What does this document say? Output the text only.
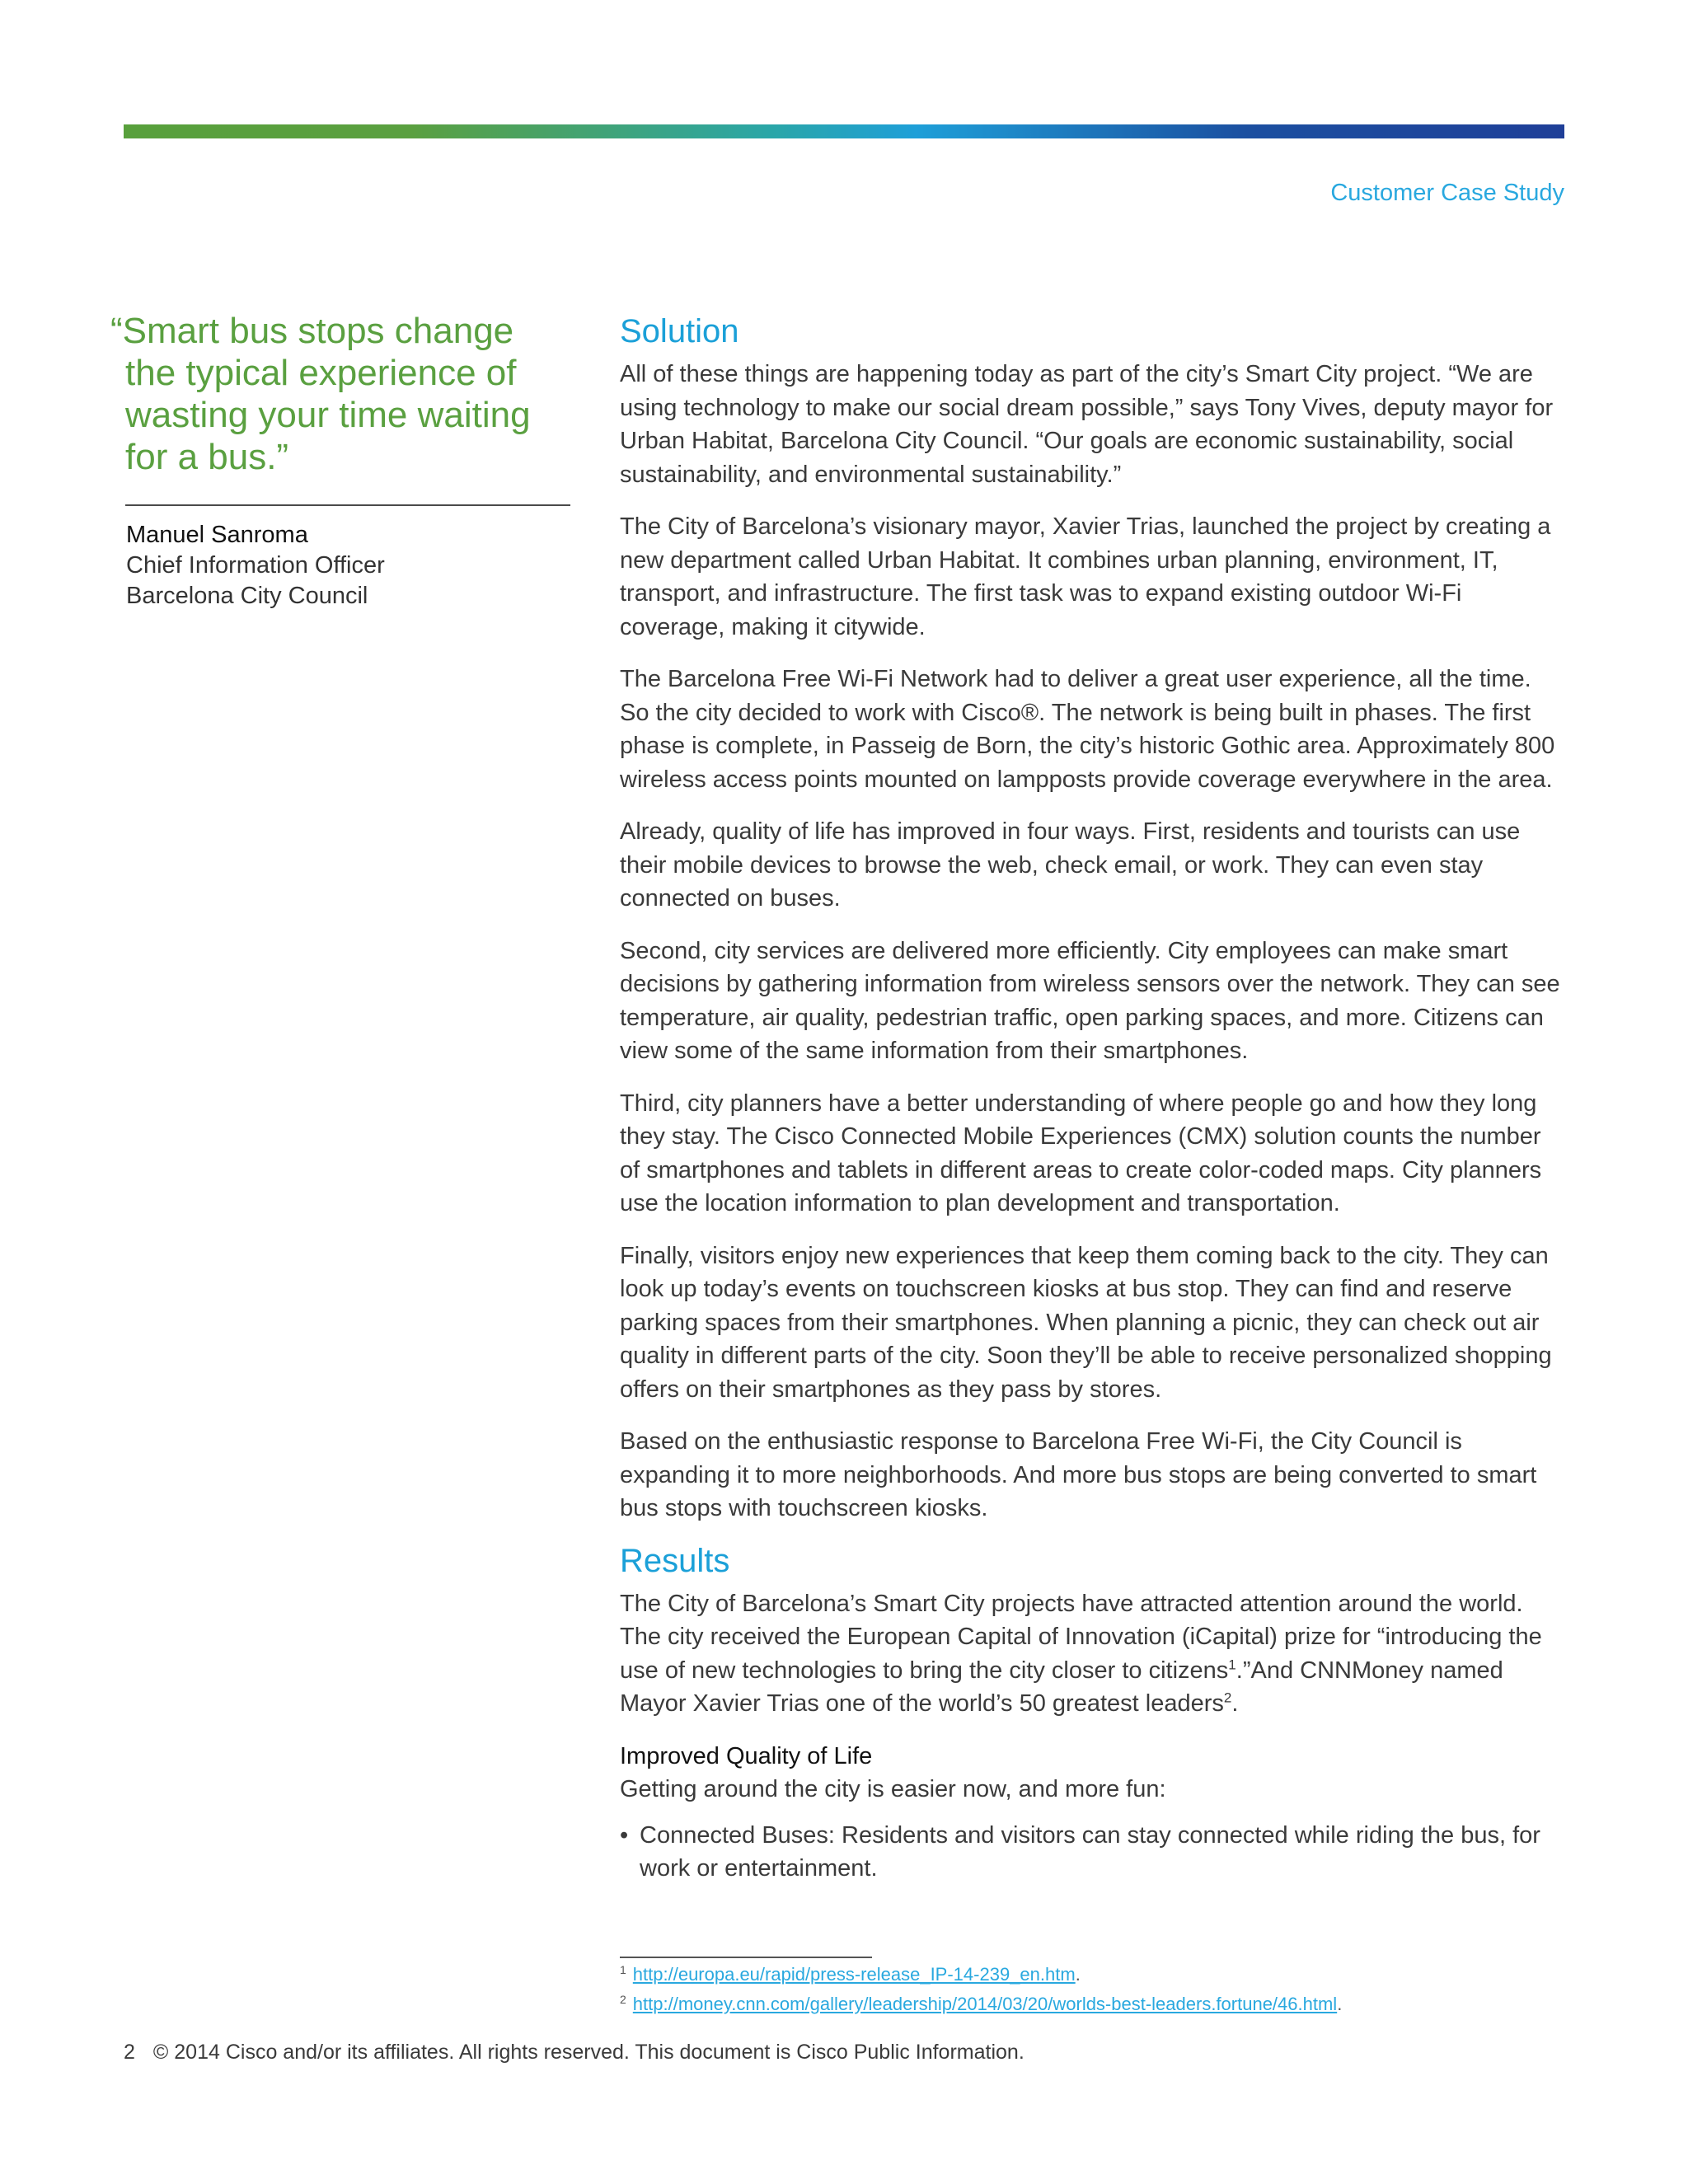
Customer Case Study

“Smart bus stops change the typical experience of wasting your time waiting for a bus.”

Manuel Sanroma
Chief Information Officer
Barcelona City Council
Solution

All of these things are happening today as part of the city’s Smart City project. “We are using technology to make our social dream possible,” says Tony Vives, deputy mayor for Urban Habitat, Barcelona City Council. “Our goals are economic sustainability, social sustainability, and environmental sustainability.”

The City of Barcelona’s visionary mayor, Xavier Trias, launched the project by creating a new department called Urban Habitat. It combines urban planning, environment, IT, transport, and infrastructure. The first task was to expand existing outdoor Wi-Fi coverage, making it citywide.

The Barcelona Free Wi-Fi Network had to deliver a great user experience, all the time. So the city decided to work with Cisco®. The network is being built in phases. The first phase is complete, in Passeig de Born, the city’s historic Gothic area. Approximately 800 wireless access points mounted on lampposts provide coverage everywhere in the area.

Already, quality of life has improved in four ways. First, residents and tourists can use their mobile devices to browse the web, check email, or work. They can even stay connected on buses.

Second, city services are delivered more efficiently. City employees can make smart decisions by gathering information from wireless sensors over the network. They can see temperature, air quality, pedestrian traffic, open parking spaces, and more. Citizens can view some of the same information from their smartphones.

Third, city planners have a better understanding of where people go and how they long they stay. The Cisco Connected Mobile Experiences (CMX) solution counts the number of smartphones and tablets in different areas to create color-coded maps. City planners use the location information to plan development and transportation.

Finally, visitors enjoy new experiences that keep them coming back to the city. They can look up today’s events on touchscreen kiosks at bus stop. They can find and reserve parking spaces from their smartphones. When planning a picnic, they can check out air quality in different parts of the city. Soon they’ll be able to receive personalized shopping offers on their smartphones as they pass by stores.

Based on the enthusiastic response to Barcelona Free Wi-Fi, the City Council is expanding it to more neighborhoods. And more bus stops are being converted to smart bus stops with touchscreen kiosks.

Results

The City of Barcelona’s Smart City projects have attracted attention around the world. The city received the European Capital of Innovation (iCapital) prize for “introducing the use of new technologies to bring the city closer to citizens$^1$.”And CNNMoney named Mayor Xavier Trias one of the world’s 50 greatest leaders$^2$.

Improved Quality of Life
Getting around the city is easier now, and more fun:

• Connected Buses: Residents and visitors can stay connected while riding the bus, for work or entertainment.

$^1$ http://europa.eu/rapid/press-release_IP-14-239_en.htm.
$^2$ http://money.cnn.com/gallery/leadership/2014/03/20/worlds-best-leaders.fortune/46.html.
2 © 2014 Cisco and/or its affiliates. All rights reserved. This document is Cisco Public Information.
